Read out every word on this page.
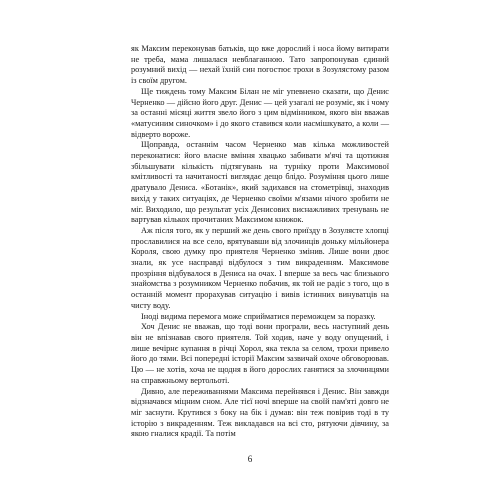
як Максим переконував батьків, що вже дорослий і носа йому витирати не треба, мама лишалася невблаганною. Тато запропонував єдиний розумний вихід — нехай їхній син погостює трохи в Зозулястому разом із своїм другом.

Ще тиждень тому Максим Білан не міг упевнено сказати, що Денис Черненко — дійсно його друг. Денис — цей узагалі не розуміє, як і чому за останні місяці життя звело його з цим відмінником, якого він вважав «матусиним синочком» і до якого ставився коли насмішкувато, а коли — відверто вороже.

Щоправда, останнім часом Черненко мав кілька можливостей переконатися: його власне вміння хвацько забивати м'ячі та щотижня збільшувати кількість підтягувань на турніку проти Максимової кмітливості та начитаності виглядає дещо блідо. Розуміння цього лише дратувало Дениса. «Ботанік», який задихався на стометрівці, знаходив вихід у таких ситуаціях, де Черненко своїми м'язами нічого зробити не міг. Виходило, що результат усіх Денисових виснажливих тренувань не вартував кількох прочитаних Максимом книжок.

Аж після того, як у перший же день свого приїзду в Зозулясте хлопці прославилися на все село, врятувавши від злочинців доньку мільйонера Короля, свою думку про приятеля Черненко змінив. Лише вони двоє знали, як усе насправді відбулося з тим викраденням. Максимове прозріння відбувалося в Дениса на очах. І вперше за весь час близького знайомства з розумником Черненко побачив, як той не радіє з того, що в останній момент прорахував ситуацію і вивів істинних винуватців на чисту воду.

Іноді видима перемога може сприйматися переможцем за поразку.

Хоч Денис не вважав, що тоді вони програли, весь наступний день він не впізнавав свого приятеля. Той ходив, наче у воду опущений, і лише вечірнє купання в річці Хорол, яка текла за селом, трохи привело його до тями. Всі попередні історії Максим зазвичай охоче обговорював. Цю — не хотів, хоча не щодня в його дорослих ганятися за злочинцями на справжньому вертольоті.

Дивно, але переживаннями Максима перейнявся і Денис. Він завжди відзначався міцним сном. Але тієї ночі вперше на своїй пам'яті довго не міг заснути. Крутився з боку на бік і думав: він теж повірив тоді в ту історію з викраденням. Теж викладався на всі сто, рятуючи дівчину, за якою гналися крадії. Та потім

6
